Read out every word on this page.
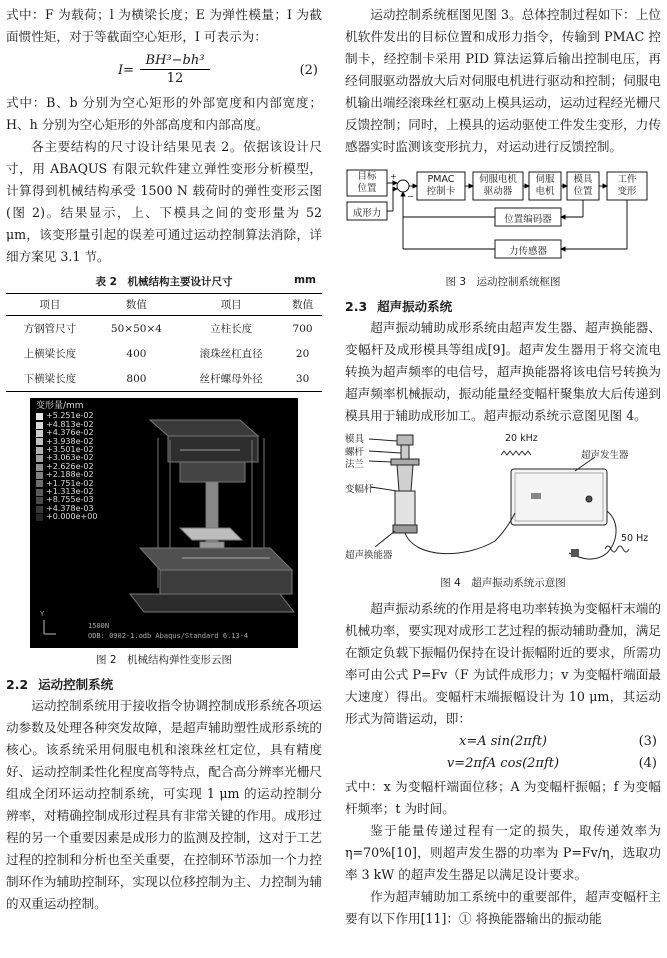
式中：F 为载荷；l 为横梁长度；E 为弹性模量；I 为截面惯性矩，对于等截面空心矩形，I 可表示为：

$I= \frac{\text{BH³−bh³}}{12}$	(2)

式中：B、b 分别为空心矩形的外部宽度和内部宽度；H、h 分别为空心矩形的外部高度和内部高度。

各主要结构的尺寸设计结果见表 2。依据该设计尺寸，用 ABAQUS 有限元软件建立弹性变形分析模型，计算得到机械结构承受 1500 N 载荷时的弹性变形云图(图 2)。结果显示，上、下模具之间的变形量为 52 μm，该变形量引起的误差可通过运动控制算法消除，详细方案见 3.1 节。

表 2　机械结构主要设计尺寸	mm
项目	数值	项目	数值
方钢管尺寸	50×50×4	立柱长度	700
上横梁长度	400	滚珠丝杠直径	20
下横梁长度	800	丝杆螺母外径	30
变形量/mm
+5.251e-02
+4.813e-02
+4.376e-02
+3.938e-02
+3.501e-02
+3.063e-02
+2.626e-02
+2.188e-02
+1.751e-02
+1.313e-02
+8.755e-03
+4.378e-03
+0.000e+00
1500N
ODB: 0902-1.odb Abaqus/Standard 6.13-4
Y
图 2　机械结构弹性变形云图
2.2 运动控制系统

运动控制系统用于接收指令协调控制成形系统各项运动参数及处理各种突发故障，是超声辅助塑性成形系统的核心。该系统采用伺服电机和滚珠丝杠定位，具有精度好、运动控制柔性化程度高等特点，配合高分辨率光栅尺组成全闭环运动控制系统，可实现 1 μm 的运动控制分辨率，对精确控制成形过程具有非常关键的作用。成形过程的另一个重要因素是成形力的监测及控制，这对于工艺过程的控制和分析也至关重要，在控制环节添加一个力控制环作为辅助控制环，实现以位移控制为主、力控制为辅的双重运动控制。

运动控制系统框图见图 3。总体控制过程如下：上位机软件发出的目标位置和成形力指令，传输到 PMAC 控制卡，经控制卡采用 PID 算法运算后输出控制电压，再经伺服驱动器放大后对伺服电机进行驱动和控制；伺服电机输出端经滚珠丝杠驱动上模具运动，运动过程经光栅尺反馈控制；同时，上模具的运动驱使工件发生变形，力传感器实时监测该变形抗力，对运动进行反馈控制。

目标
位置
成形力
+
−
PMAC
控制卡
伺服电机
驱动器
伺服
电机
模具
位置
工件
变形
位置编码器
力传感器
图 3　运动控制系统框图
2.3 超声振动系统

超声振动辅助成形系统由超声发生器、超声换能器、变幅杆及成形模具等组成[9]。超声发生器用于将交流电转换为超声频率的电信号，超声换能器将该电信号转换为超声频率机械振动，振动能量经变幅杆聚集放大后传递到模具用于辅助成形加工。超声振动系统示意图见图 4。

模具
螺杆
法兰
变幅杆
超声换能器
20 kHz
超声发生器
50 Hz
图 4　超声振动系统示意图

超声振动系统的作用是将电功率转换为变幅杆末端的机械功率，要实现对成形工艺过程的振动辅助叠加，满足在额定负载下振幅仍保持在设计振幅附近的要求，所需功率可由公式 P=Fv（F 为试件成形力；v 为变幅杆端面最大速度）得出。变幅杆末端振幅设计为 10 μm，其运动形式为简谐运动，即：

x=A sin(2πft)	(3)
v=2πfA cos(2πft)	(4)

式中：x 为变幅杆端面位移；A 为变幅杆振幅；f 为变幅杆频率；t 为时间。

鉴于能量传递过程有一定的损失，取传递效率为 η=70%[10]，则超声发生器的功率为 P=Fv/η，选取功率 3 kW 的超声发生器足以满足设计要求。

作为超声辅助加工系统中的重要部件，超声变幅杆主要有以下作用[11]：① 将换能器输出的振动能
